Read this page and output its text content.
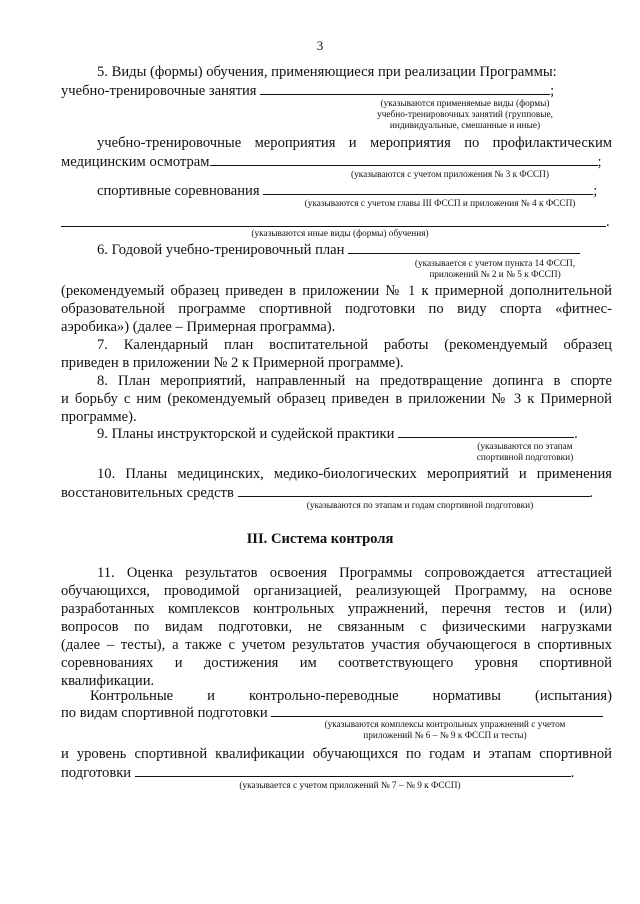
3
5. Виды (формы) обучения, применяющиеся при реализации Программы:
учебно-тренировочные занятия	;
(указываются применяемые виды (формы)
учебно-тренировочных занятий (групповые,
индивидуальные, смешанные и иные)
учебно-тренировочные мероприятия и мероприятия по профилактическим
медицинским осмотрам	;
(указываются с учетом приложения № 3 к ФССП)
спортивные соревнования	;
(указываются с учетом главы III ФССП и приложения № 4 к ФССП)
.
(указываются иные виды (формы) обучения)
6. Годовой учебно-тренировочный план
(указывается с учетом пункта 14 ФССП,
приложений № 2 и № 5 к ФССП)
(рекомендуемый образец приведен в приложении № 1 к примерной дополнительной
образовательной программе спортивной подготовки по виду спорта «фитнес-
аэробика») (далее – Примерная программа).
7. Календарный план воспитательной работы (рекомендуемый образец
приведен в приложении № 2 к Примерной программе).
8. План мероприятий, направленный на предотвращение допинга в спорте
и борьбу с ним (рекомендуемый образец приведен в приложении № 3 к Примерной
программе).
9. Планы инструкторской и судейской практики	.
(указываются по этапам
спортивной подготовки)
10. Планы медицинских, медико-биологических мероприятий и применения
восстановительных средств	.
(указываются по этапам и годам спортивной подготовки)
III. Система контроля
11. Оценка результатов освоения Программы сопровождается аттестацией
обучающихся, проводимой организацией, реализующей Программу, на основе
разработанных комплексов контрольных упражнений, перечня тестов и (или)
вопросов по видам подготовки, не связанным с физическими нагрузками
(далее – тесты), а также с учетом результатов участия обучающегося в спортивных
соревнованиях и достижения им соответствующего уровня спортивной
квалификации.
Контрольные и контрольно-переводные нормативы (испытания)
по видам спортивной подготовки
(указываются комплексы контрольных упражнений с учетом
приложений № 6 – № 9 к ФССП и тесты)
и уровень спортивной квалификации обучающихся по годам и этапам спортивной
подготовки	.
(указывается с учетом приложений № 7 – № 9 к ФССП)
